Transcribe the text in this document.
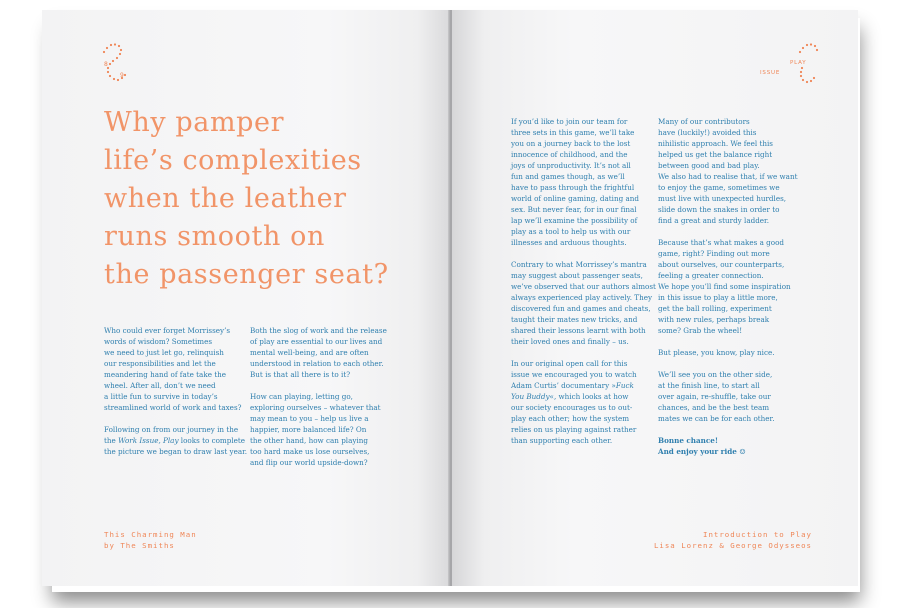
8
9
Why pamper
life’s complexities
when the leather
runs smooth on
the passenger seat?

Who could ever forget Morrissey’s
words of wisdom? Sometimes
we need to just let go, relinquish
our responsibilities and let the
meandering hand of fate take the
wheel. After all, don’t we need
a little fun to survive in today’s
streamlined world of work and taxes?

Following on from our journey in the
the Work Issue, Play looks to complete
the picture we began to draw last year.

Both the slog of work and the release
of play are essential to our lives and
mental well-being, and are often
understood in relation to each other.
But is that all there is to it?

How can playing, letting go,
exploring ourselves – whatever that
may mean to you – help us live a
happier, more balanced life? On
the other hand, how can playing
too hard make us lose ourselves,
and flip our world upside-down?

This Charming Man
by The Smiths
PLAY
ISSUE

If you’d like to join our team for
three sets in this game, we’ll take
you on a journey back to the lost
innocence of childhood, and the
joys of unproductivity. It’s not all
fun and games though, as we’ll
have to pass through the frightful
world of online gaming, dating and
sex. But never fear, for in our final
lap we’ll examine the possibility of
play as a tool to help us with our
illnesses and arduous thoughts.

Contrary to what Morrissey’s mantra
may suggest about passenger seats,
we’ve observed that our authors almost
always experienced play actively. They
discovered fun and games and cheats,
taught their mates new tricks, and
shared their lessons learnt with both
their loved ones and finally – us.

In our original open call for this
issue we encouraged you to watch
Adam Curtis’ documentary »Fuck
You Buddy«, which looks at how
our society encourages us to out-
play each other; how the system
relies on us playing against rather
than supporting each other.

Many of our contributors
have (luckily!) avoided this
nihilistic approach. We feel this
helped us get the balance right
between good and bad play.
We also had to realise that, if we want
to enjoy the game, sometimes we
must live with unexpected hurdles,
slide down the snakes in order to
find a great and sturdy ladder.

Because that’s what makes a good
game, right? Finding out more
about ourselves, our counterparts,
feeling a greater connection.
We hope you’ll find some inspiration
in this issue to play a little more,
get the ball rolling, experiment
with new rules, perhaps break
some? Grab the wheel!

But please, you know, play nice.

We’ll see you on the other side,
at the finish line, to start all
over again, re-shuffle, take our
chances, and be the best team
mates we can be for each other.

Bonne chance!
And enjoy your ride ☺

Introduction to Play
Lisa Lorenz & George Odysseos
